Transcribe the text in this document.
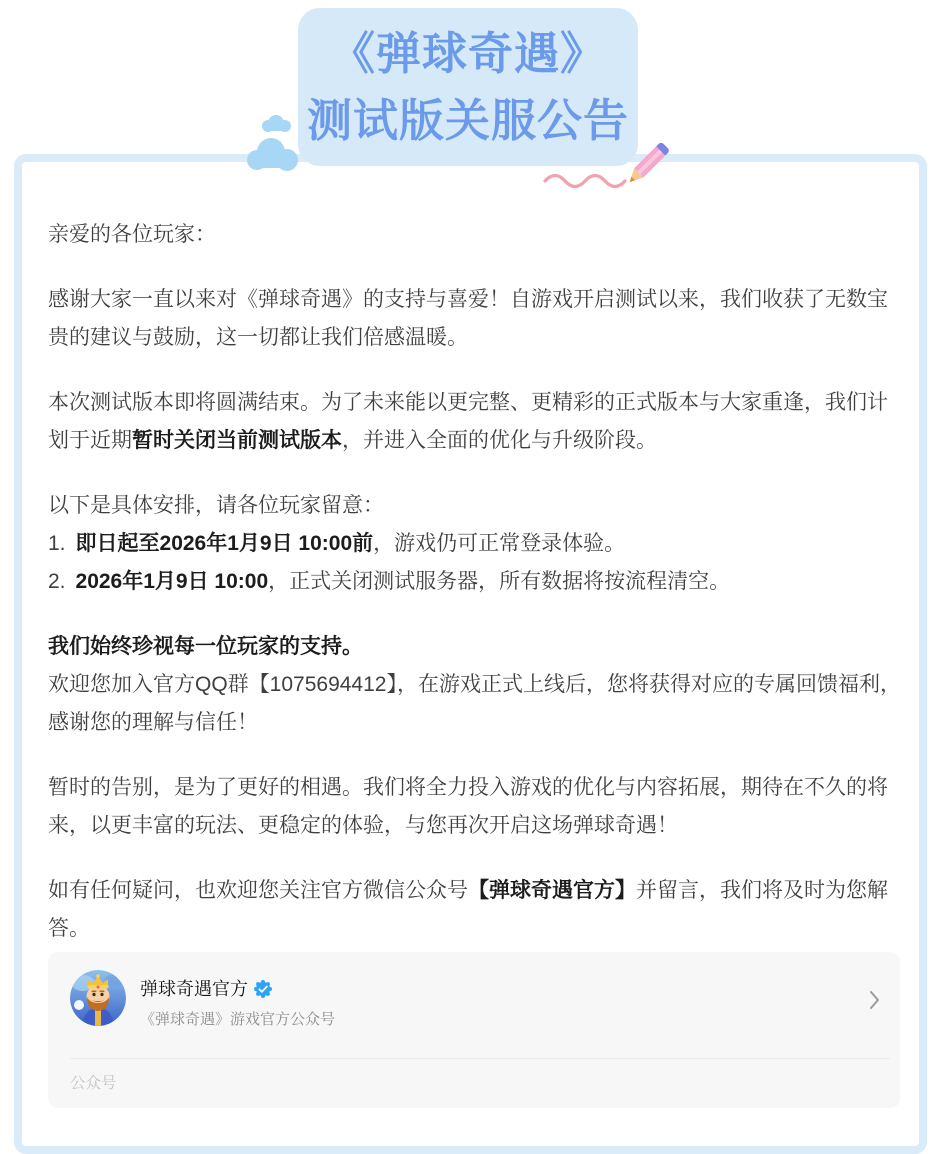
《弹球奇遇》
测试版关服公告

亲爱的各位玩家：

感谢大家一直以来对《弹球奇遇》的支持与喜爱！自游戏开启测试以来，我们收获了无数宝贵的建议与鼓励，这一切都让我们倍感温暖。

本次测试版本即将圆满结束。为了未来能以更完整、更精彩的正式版本与大家重逢，我们计划于近期暂时关闭当前测试版本，并进入全面的优化与升级阶段。

以下是具体安排，请各位玩家留意：
1. 即日起至2026年1月9日 10:00前，游戏仍可正常登录体验。
2. 2026年1月9日 10:00，正式关闭测试服务器，所有数据将按流程清空。

我们始终珍视每一位玩家的支持。
欢迎您加入官方QQ群【1075694412】，在游戏正式上线后，您将获得对应的专属回馈福利，感谢您的理解与信任！

暂时的告别，是为了更好的相遇。我们将全力投入游戏的优化与内容拓展，期待在不久的将来，以更丰富的玩法、更稳定的体验，与您再次开启这场弹球奇遇！

如有任何疑问，也欢迎您关注官方微信公众号【弹球奇遇官方】并留言，我们将及时为您解答。

弹球奇遇官方
《弹球奇遇》游戏官方公众号
公众号
